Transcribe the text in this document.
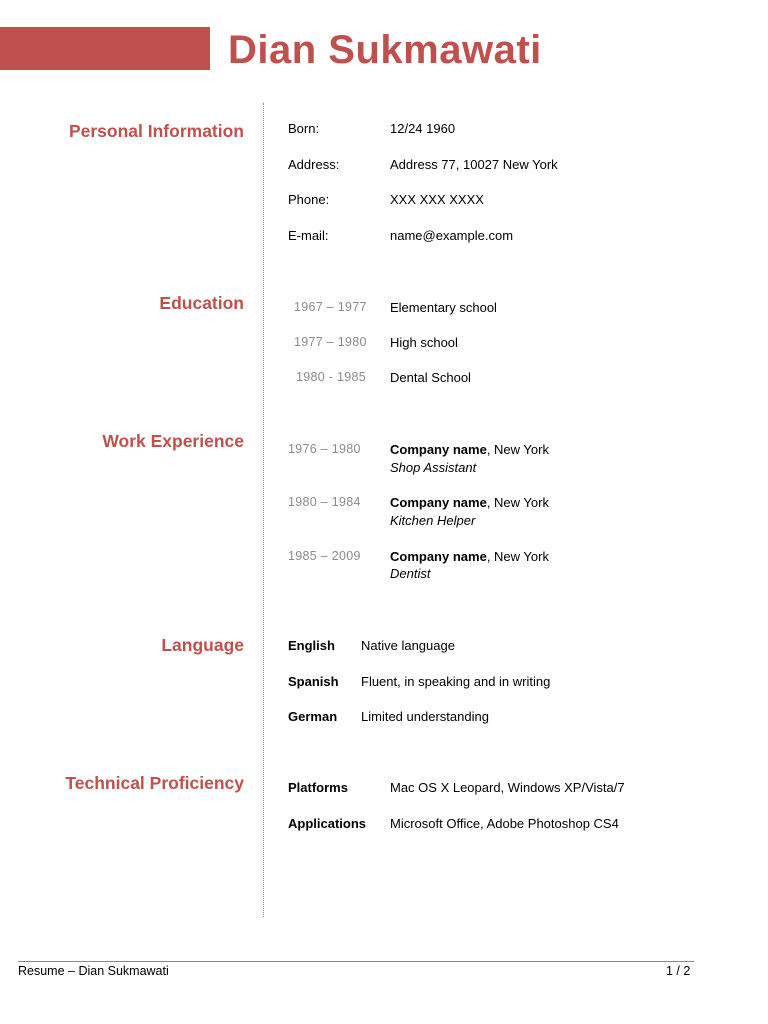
Dian Sukmawati
Personal Information	Born:	12/24 1960
Address:	Address 77, 10027 New York
Phone:	XXX XXX XXXX
E-mail:	name@example.com
Education	1967 – 1977 Elementary school
1977 – 1980 High school
1980 - 1985 Dental School
Work Experience	1976 – 1980 Company name, New York
Shop Assistant
1980 – 1984 Company name, New York
Kitchen Helper
1985 – 2009 Company name, New York
Dentist
Language	English Native language
Spanish Fluent, in speaking and in writing
German Limited understanding
Technical Proficiency	Platforms	Mac OS X Leopard, Windows XP/Vista/7
Applications Microsoft Office, Adobe Photoshop CS4
Resume – Dian Sukmawati	1 / 2
